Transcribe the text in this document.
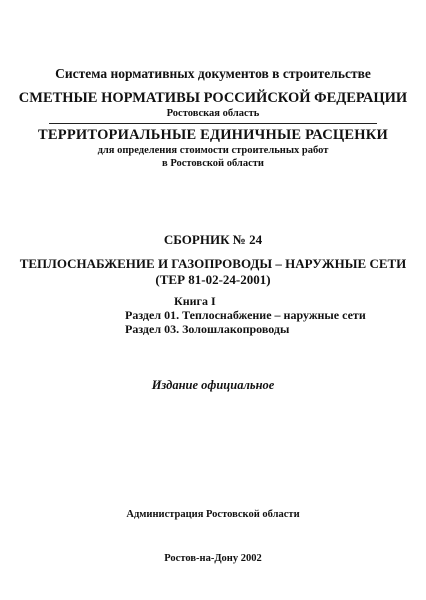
Система нормативных документов в строительстве
СМЕТНЫЕ НОРМАТИВЫ РОССИЙСКОЙ ФЕДЕРАЦИИ
Ростовская область
ТЕРРИТОРИАЛЬНЫЕ ЕДИНИЧНЫЕ РАСЦЕНКИ
для определения стоимости строительных работ
в Ростовской области
СБОРНИК № 24
ТЕПЛОСНАБЖЕНИЕ И ГАЗОПРОВОДЫ – НАРУЖНЫЕ СЕТИ
(ТЕР 81-02-24-2001)
Книга I
Раздел 01. Теплоснабжение – наружные сети
Раздел 03. Золошлакопроводы
Издание официальное
Администрация Ростовской области
Ростов-на-Дону 2002
